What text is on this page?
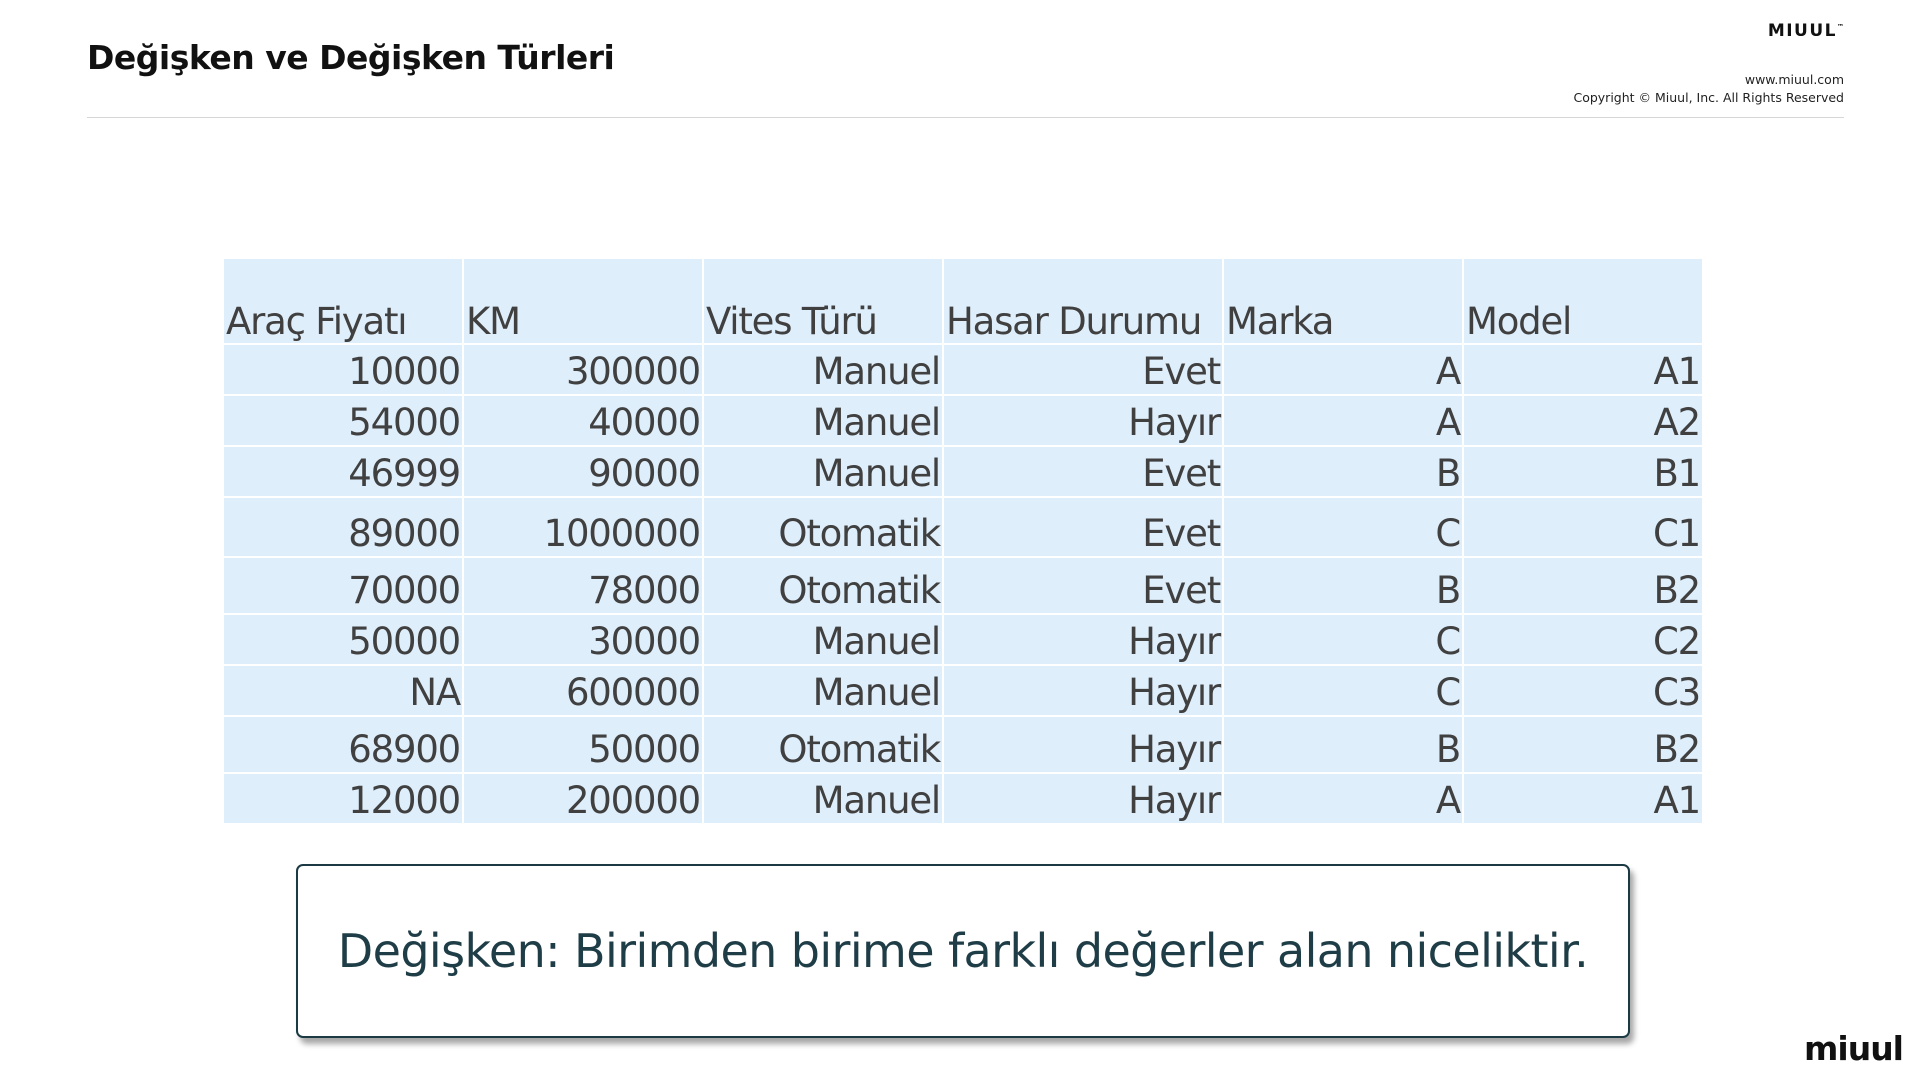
Değişken ve Değişken Türleri
MIUUL™
www.miuul.com
Copyright © Miuul, Inc. All Rights Reserved
Araç Fiyatı	KM	Vites Türü	Hasar Durumu	Marka	Model
10000	300000	Manuel	Evet	A	A1
54000	40000	Manuel	Hayır	A	A2
46999	90000	Manuel	Evet	B	B1
89000	1000000	Otomatik	Evet	C	C1
70000	78000	Otomatik	Evet	B	B2
50000	30000	Manuel	Hayır	C	C2
NA	600000	Manuel	Hayır	C	C3
68900	50000	Otomatik	Hayır	B	B2
12000	200000	Manuel	Hayır	A	A1
Değişken: Birimden birime farklı değerler alan niceliktir.
miuul
